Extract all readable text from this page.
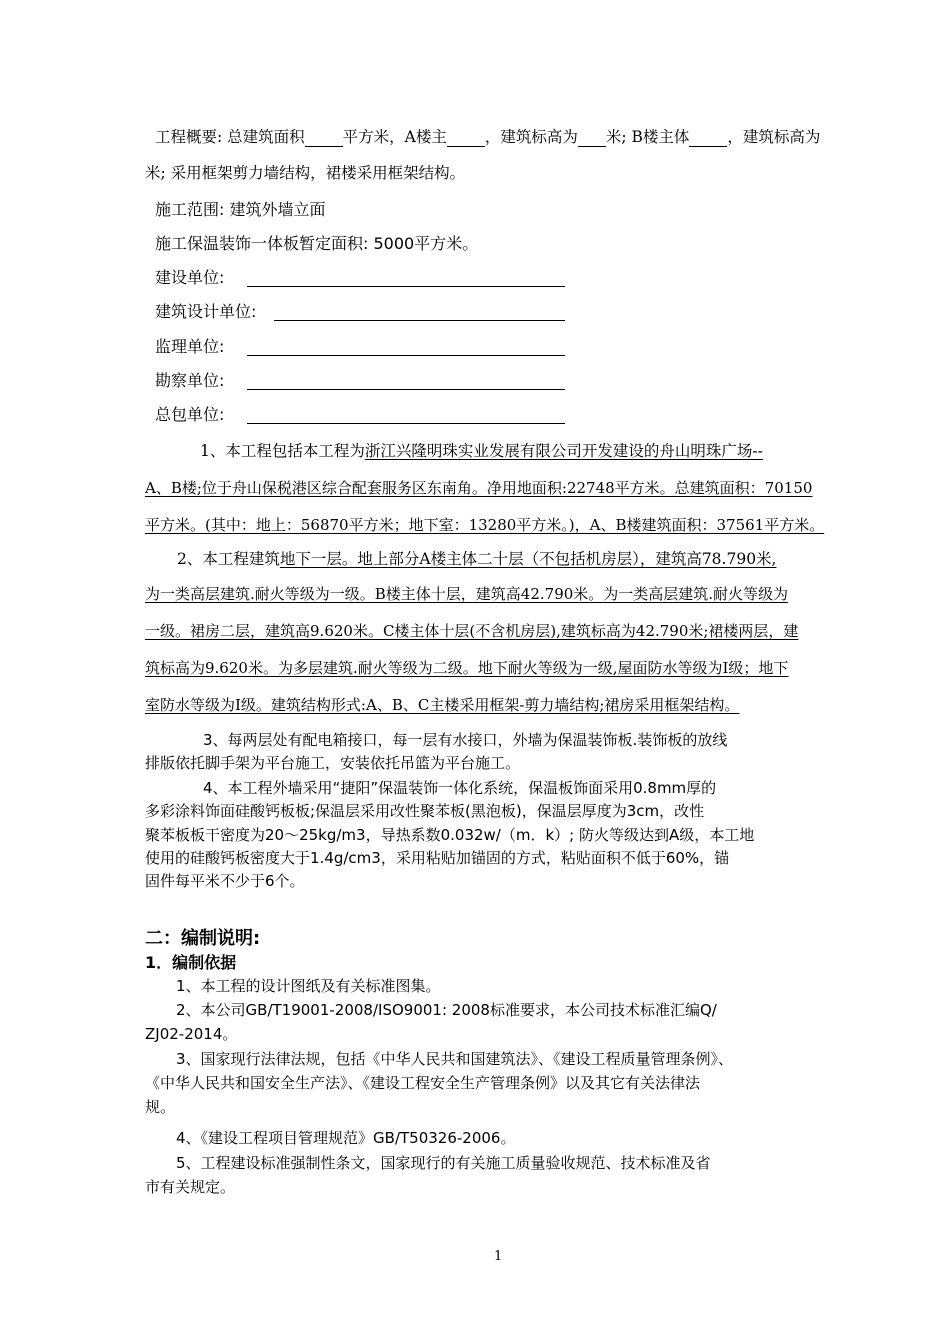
工程概要: 总建筑面积 平方米，A楼主 ，建筑标高为 米; B楼主体 ，建筑标高为
米; 采用框架剪力墙结构，裙楼采用框架结构。
施工范围: 建筑外墙立面
施工保温装饰一体板暂定面积: 5000平方米。
建设单位:
建筑设计单位:
监理单位:
勘察单位:
总包单位:
1、本工程包括本工程为浙江兴隆明珠实业发展有限公司开发建设的舟山明珠广场--
A、B楼;位于舟山保税港区综合配套服务区东南角。净用地面积:22748平方米。总建筑面积：70150
平方米。(其中：地上：56870平方米；地下室：13280平方米。)，A、B楼建筑面积：37561平方米。
2、本工程建筑地下一层。地上部分A楼主体二十层（不包括机房层），建筑高78.790米,
为一类高层建筑.耐火等级为一级。B楼主体十层，建筑高42.790米。为一类高层建筑.耐火等级为
一级。裙房二层，建筑高9.620米。C楼主体十层(不含机房层),建筑标高为42.790米;裙楼两层，建
筑标高为9.620米。为多层建筑.耐火等级为二级。地下耐火等级为一级,屋面防水等级为Ⅰ级；地下
室防水等级为Ⅰ级。建筑结构形式:A、B、C主楼采用框架-剪力墙结构;裙房采用框架结构。
3、每两层处有配电箱接口，每一层有水接口，外墙为保温装饰板.装饰板的放线
排版依托脚手架为平台施工，安装依托吊篮为平台施工。
4、本工程外墙采用“捷阳”保温装饰一体化系统，保温板饰面采用0.8mm厚的
多彩涂料饰面硅酸钙板板;保温层采用改性聚苯板(黑泡板)，保温层厚度为3cm，改性
聚苯板板干密度为20～25kg/m3，导热系数0.032w/（m．k）; 防火等级达到A级，本工地
使用的硅酸钙板密度大于1.4g/cm3，采用粘贴加锚固的方式，粘贴面积不低于60%，锚
固件每平米不少于6个。
二：编制说明:
1．编制依据
1、本工程的设计图纸及有关标准图集。
2、本公司GB/T19001-2008/ISO9001: 2008标准要求，本公司技术标准汇编Q/
ZJ02-2014。
3、国家现行法律法规，包括《中华人民共和国建筑法》、《建设工程质量管理条例》、
《中华人民共和国安全生产法》、《建设工程安全生产管理条例》以及其它有关法律法
规。
4、《建设工程项目管理规范》GB/T50326-2006。
5、工程建设标准强制性条文，国家现行的有关施工质量验收规范、技术标准及省
市有关规定。
1
